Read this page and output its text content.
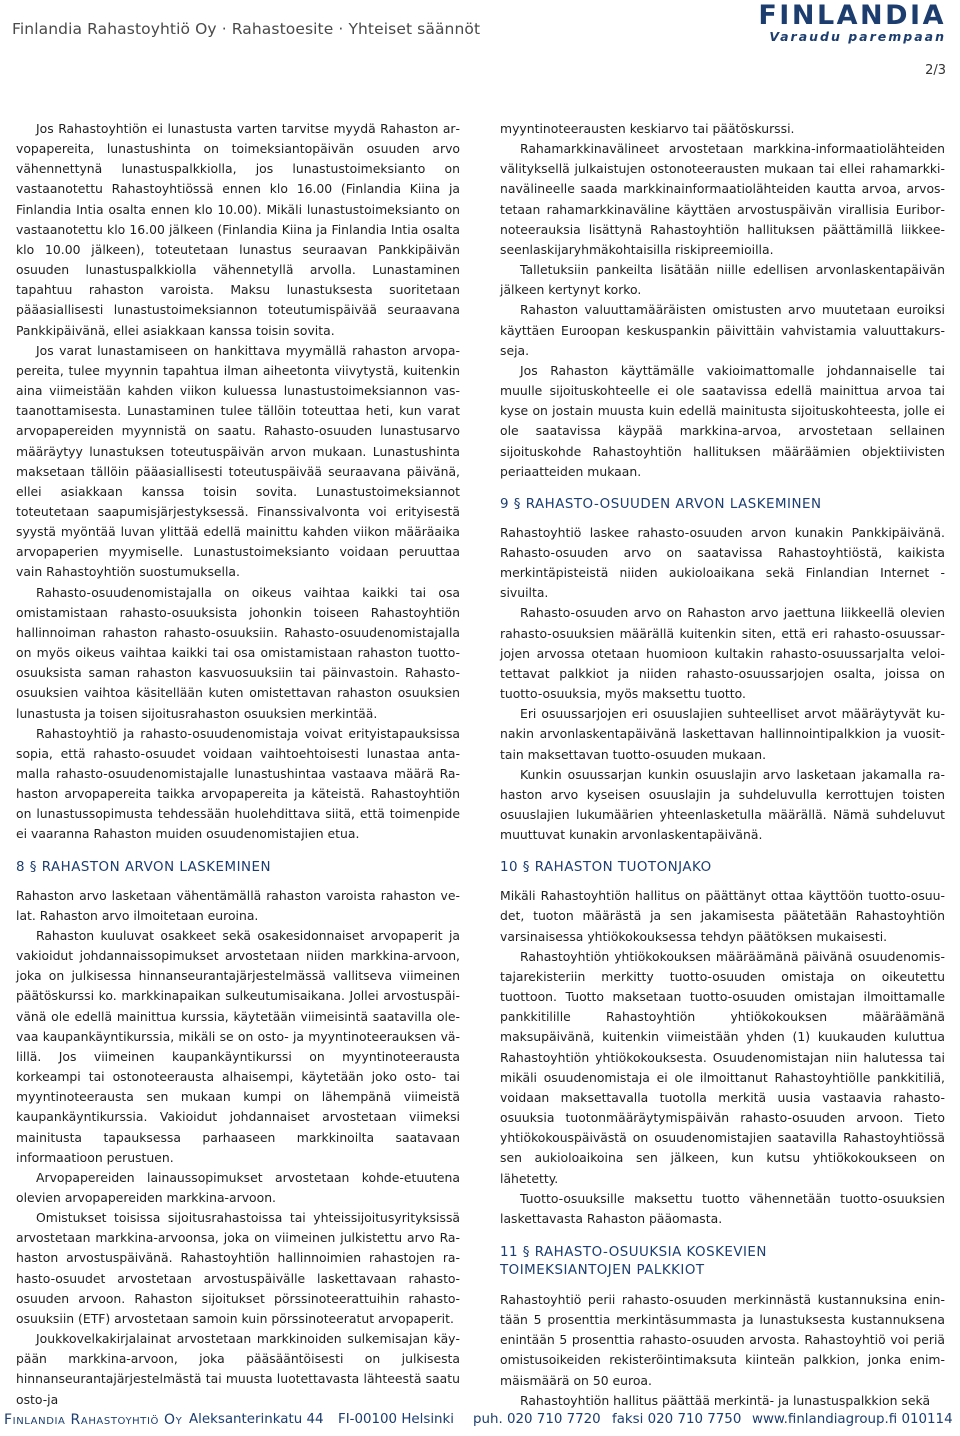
Finlandia Rahastoyhtiö Oy · Rahastoesite · Yhteiset säännöt	FINLANDIA
Varaudu parempaan
2/3

Jos Rahastoyhtiön ei lunastusta varten tarvitse myydä Rahaston arvopapereita, lunastushinta on toimeksiantopäivän osuuden arvo vähennettynä lunastuspalkkiolla, jos lunastustoimeksianto on vastaanotettu Rahastoyhtiössä ennen klo 16.00 (Finlandia Kiina ja Finlandia Intia osalta ennen klo 10.00). Mikäli lunastustoimeksianto on vastaanotettu klo 16.00 jälkeen (Finlandia Kiina ja Finlandia Intia osalta klo 10.00 jälkeen), toteutetaan lunastus seuraavan Pankkipäivän osuuden lunastuspalkkiolla vähennetyllä arvolla. Lunastaminen tapahtuu rahaston varoista. Maksu lunastuksesta suoritetaan pääasiallisesti lunastustoimeksiannon toteutumispäivää seuraavana Pankkipäivänä, ellei asiakkaan kanssa toisin sovita.

Jos varat lunastamiseen on hankittava myymällä rahaston arvopapereita, tulee myynnin tapahtua ilman aiheetonta viivytystä, kuitenkin aina viimeistään kahden viikon kuluessa lunastustoimeksiannon vastaanottamisesta. Lunastaminen tulee tällöin toteuttaa heti, kun varat arvopapereiden myynnistä on saatu. Rahasto-osuuden lunastusarvo määräytyy lunastuksen toteutuspäivän arvon mukaan. Lunastushinta maksetaan tällöin pääasiallisesti toteutuspäivää seuraavana päivänä, ellei asiakkaan kanssa toisin sovita. Lunastustoimeksiannot toteutetaan saapumisjärjestyksessä. Finanssivalvonta voi erityisestä syystä myöntää luvan ylittää edellä mainittu kahden viikon määräaika arvopaperien myymiselle. Lunastustoimeksianto voidaan peruuttaa vain Rahastoyhtiön suostumuksella.

Rahasto-osuudenomistajalla on oikeus vaihtaa kaikki tai osa omistamistaan rahasto-osuuksista johonkin toiseen Rahastoyhtiön hallinnoiman rahaston rahasto-osuuksiin. Rahasto-osuudenomistajalla on myös oikeus vaihtaa kaikki tai osa omistamistaan rahaston tuotto-osuuksista saman rahaston kasvuosuuksiin tai päinvastoin. Rahasto-osuuksien vaihtoa käsitellään kuten omistettavan rahaston osuuksien lunastusta ja toisen sijoitusrahaston osuuksien merkintää.

Rahastoyhtiö ja rahasto-osuudenomistaja voivat erityistapauksissa sopia, että rahasto-osuudet voidaan vaihtoehtoisesti lunastaa antamalla rahasto-osuudenomistajalle lunastushintaa vastaava määrä Rahaston arvopapereita taikka arvopapereita ja käteistä. Rahastoyhtiön on lunastussopimusta tehdessään huolehdittava siitä, että toimenpide ei vaaranna Rahaston muiden osuudenomistajien etua.

8 § RAHASTON ARVON LASKEMINEN

Rahaston arvo lasketaan vähentämällä rahaston varoista rahaston velat. Rahaston arvo ilmoitetaan euroina.

Rahaston kuuluvat osakkeet sekä osakesidonnaiset arvopaperit ja vakioidut johdannaissopimukset arvostetaan niiden markkina-arvoon, joka on julkisessa hinnanseurantajärjestelmässä vallitseva viimeinen päätöskurssi ko. markkinapaikan sulkeutumisaikana. Jollei arvostuspäivänä ole edellä mainittua kurssia, käytetään viimeisintä saatavilla olevaa kaupankäyntikurssia, mikäli se on osto- ja myyntinoteerauksen välillä. Jos viimeinen kaupankäyntikurssi on myyntinoteerausta korkeampi tai ostonoteerausta alhaisempi, käytetään joko osto- tai myyntinoteerausta sen mukaan kumpi on lähempänä viimeistä kaupankäyntikurssia. Vakioidut johdannaiset arvostetaan viimeksi mainitusta tapauksessa parhaaseen markkinoilta saatavaan informaatioon perustuen.

Arvopapereiden lainaussopimukset arvostetaan kohde-etuutena olevien arvopapereiden markkina-arvoon.

Omistukset toisissa sijoitusrahastoissa tai yhteissijoitusyrityksissä arvostetaan markkina-arvoonsa, joka on viimeinen julkistettu arvo Rahaston arvostuspäivänä. Rahastoyhtiön hallinnoimien rahastojen rahasto-osuudet arvostetaan arvostuspäivälle laskettavaan rahastoosuuden arvoon. Rahaston sijoitukset pörssinoteerattuihin rahastoosuuksiin (ETF) arvostetaan samoin kuin pörssinoteeratut arvopaperit.

Joukkovelkakirjalainat arvostetaan markkinoiden sulkemisajan käypään markkina-arvoon, joka pääsääntöisesti on julkisesta hinnanseurantajärjestelmästä tai muusta luotettavasta lähteestä saatu osto-ja

myyntinoteerausten keskiarvo tai päätöskurssi.

Rahamarkkinavälineet arvostetaan markkina-informaatiolähteiden välityksellä julkaistujen ostonoteerausten mukaan tai ellei rahamarkkinavälineelle saada markkinainformaatiolähteiden kautta arvoa, arvostetaan rahamarkkinaväline käyttäen arvostuspäivän virallisia Euribornoteerauksia lisättynä Rahastoyhtiön hallituksen päättämillä liikkeeseenlaskijaryhmäkohtaisilla riskipreemioilla.

Talletuksiin pankeilta lisätään niille edellisen arvonlaskentapäivän jälkeen kertynyt korko.

Rahaston valuuttamääräisten omistusten arvo muutetaan euroiksi käyttäen Euroopan keskuspankin päivittäin vahvistamia valuuttakursseja.

Jos Rahaston käyttämälle vakioimattomalle johdannaiselle tai muulle sijoituskohteelle ei ole saatavissa edellä mainittua arvoa tai kyse on jostain muusta kuin edellä mainitusta sijoituskohteesta, jolle ei ole saatavissa käypää markkina-arvoa, arvostetaan sellainen sijoituskohde Rahastoyhtiön hallituksen määräämien objektiivisten periaatteiden mukaan.

9 § RAHASTO-OSUUDEN ARVON LASKEMINEN

Rahastoyhtiö laskee rahasto-osuuden arvon kunakin Pankkipäivänä. Rahasto-osuuden arvo on saatavissa Rahastoyhtiöstä, kaikista merkintäpisteistä niiden aukioloaikana sekä Finlandian Internet -sivuilta.

Rahasto-osuuden arvo on Rahaston arvo jaettuna liikkeellä olevien rahasto-osuuksien määrällä kuitenkin siten, että eri rahasto-osuussarjojen arvossa otetaan huomioon kultakin rahasto-osuussarjalta veloitettavat palkkiot ja niiden rahasto-osuussarjojen osalta, joissa on tuotto-osuuksia, myös maksettu tuotto.

Eri osuussarjojen eri osuuslajien suhteelliset arvot määräytyvät kunakin arvonlaskentapäivänä laskettavan hallinnointipalkkion ja vuosittain maksettavan tuotto-osuuden mukaan.

Kunkin osuussarjan kunkin osuuslajin arvo lasketaan jakamalla rahaston arvo kyseisen osuuslajin ja suhdeluvulla kerrottujen toisten osuuslajien lukumäärien yhteenlasketulla määrällä. Nämä suhdeluvut muuttuvat kunakin arvonlaskentapäivänä.

10 § RAHASTON TUOTONJAKO

Mikäli Rahastoyhtiön hallitus on päättänyt ottaa käyttöön tuotto-osuudet, tuoton määrästä ja sen jakamisesta päätetään Rahastoyhtiön varsinaisessa yhtiökokouksessa tehdyn päätöksen mukaisesti.

Rahastoyhtiön yhtiökokouksen määräämänä päivänä osuudenomistajarekisteriin merkitty tuotto-osuuden omistaja on oikeutettu tuottoon. Tuotto maksetaan tuotto-osuuden omistajan ilmoittamalle pankkitilille Rahastoyhtiön yhtiökokouksen määräämänä maksupäivänä, kuitenkin viimeistään yhden (1) kuukauden kuluttua Rahastoyhtiön yhtiökokouksesta. Osuudenomistajan niin halutessa tai mikäli osuudenomistaja ei ole ilmoittanut Rahastoyhtiölle pankkitiliä, voidaan maksettavalla tuotolla merkitä uusia vastaavia rahasto-osuuksia tuotonmääräytymispäivän rahasto-osuuden arvoon. Tieto yhtiökokouspäivästä on osuudenomistajien saatavilla Rahastoyhtiössä sen aukioloaikoina sen jälkeen, kun kutsu yhtiökokoukseen on lähetetty.

Tuotto-osuuksille maksettu tuotto vähennetään tuotto-osuuksien laskettavasta Rahaston pääomasta.

11 § RAHASTO-OSUUKSIA KOSKEVIEN
TOIMEKSIANTOJEN PALKKIOT

Rahastoyhtiö perii rahasto-osuuden merkinnästä kustannuksina enintään 5 prosenttia merkintäsummasta ja lunastuksesta kustannuksena enintään 5 prosenttia rahasto-osuuden arvosta. Rahastoyhtiö voi periä omistusoikeiden rekisteröintimaksuta kiinteän palkkion, jonka enimmäismäärä on 50 euroa.

Rahastoyhtiön hallitus päättää merkintä- ja lunastuspalkkion sekä

Finlandia Rahastoyhtiö Oy Aleksanterinkatu 44 FI-00100 Helsinki puh. 020 710 7720 faksi 020 710 7750 www.finlandiagroup.fi 010114
